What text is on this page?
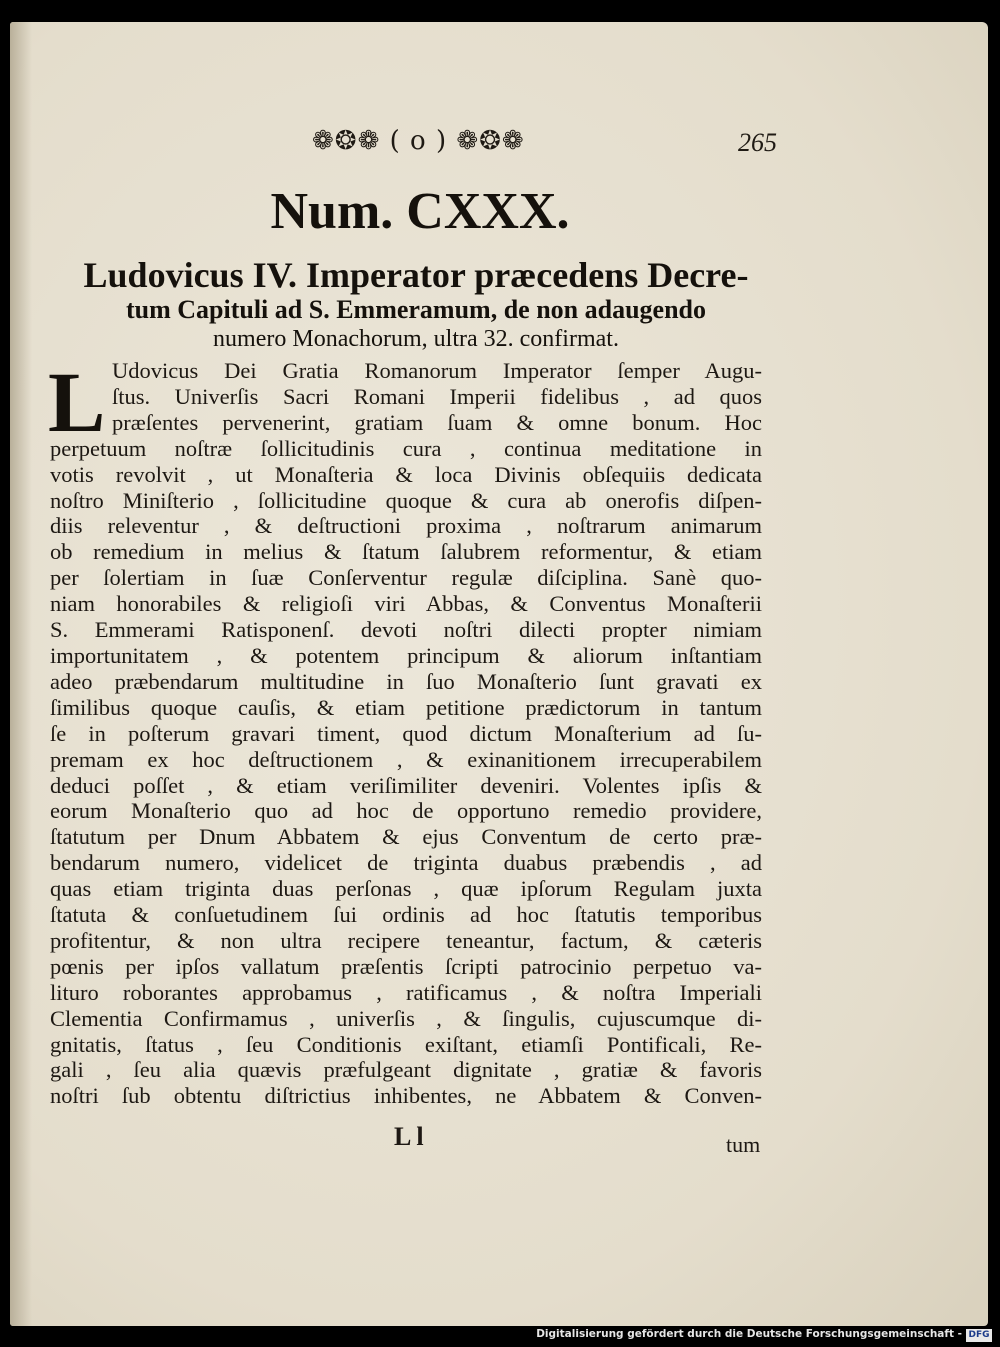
❁❂❁ ( o ) ❁❂❁	265
Num. CXXX.
Ludovicus IV. Imperator præcedens Decre-
tum Capituli ad S. Emmeramum, de non adaugendo
numero Monachorum, ultra 32. confirmat.
L Udovicus Dei Gratia Romanorum Imperator ſemper Augu-
ſtus. Univerſis Sacri Romani Imperii fidelibus , ad quos
præſentes pervenerint, gratiam ſuam & omne bonum. Hoc
perpetuum noſtræ ſollicitudinis cura , continua meditatione in
votis revolvit , ut Monaſteria & loca Divinis obſequiis dedicata
noſtro Miniſterio , ſollicitudine quoque & cura ab onerofis diſpen-
diis releventur , & deſtructioni proxima , noſtrarum animarum
ob remedium in melius & ſtatum ſalubrem reformentur, & etiam
per ſolertiam in ſuæ Conſerventur regulæ diſciplina. Sanè quo-
niam honorabiles & religioſi viri Abbas, & Conventus Monaſterii
S. Emmerami Ratisponenſ. devoti noſtri dilecti propter nimiam
importunitatem , & potentem principum & aliorum inſtantiam
adeo præbendarum multitudine in ſuo Monaſterio ſunt gravati ex
ſimilibus quoque cauſis, & etiam petitione prædictorum in tantum
ſe in poſterum gravari timent, quod dictum Monaſterium ad ſu-
premam ex hoc deſtructionem , & exinanitionem irrecuperabilem
deduci poſſet , & etiam veriſimiliter deveniri. Volentes ipſis &
eorum Monaſterio quo ad hoc de opportuno remedio providere,
ſtatutum per Dnum Abbatem & ejus Conventum de certo præ-
bendarum numero, videlicet de triginta duabus præbendis , ad
quas etiam triginta duas perſonas , quæ ipſorum Regulam juxta
ſtatuta & conſuetudinem ſui ordinis ad hoc ſtatutis temporibus
profitentur, & non ultra recipere teneantur, factum, & cæteris
pœnis per ipſos vallatum præſentis ſcripti patrocinio perpetuo va-
lituro roborantes approbamus , ratificamus , & noſtra Imperiali
Clementia Confirmamus , univerſis , & ſingulis, cujuscumque di-
gnitatis, ſtatus , ſeu Conditionis exiſtant, etiamſi Pontificali, Re-
gali , ſeu alia quævis præfulgeant dignitate , gratiæ & favoris
noſtri ſub obtentu diſtrictius inhibentes, ne Abbatem & Conven-
L l	tum
Digitalisierung gefördert durch die Deutsche Forschungsgemeinschaft - DFG
